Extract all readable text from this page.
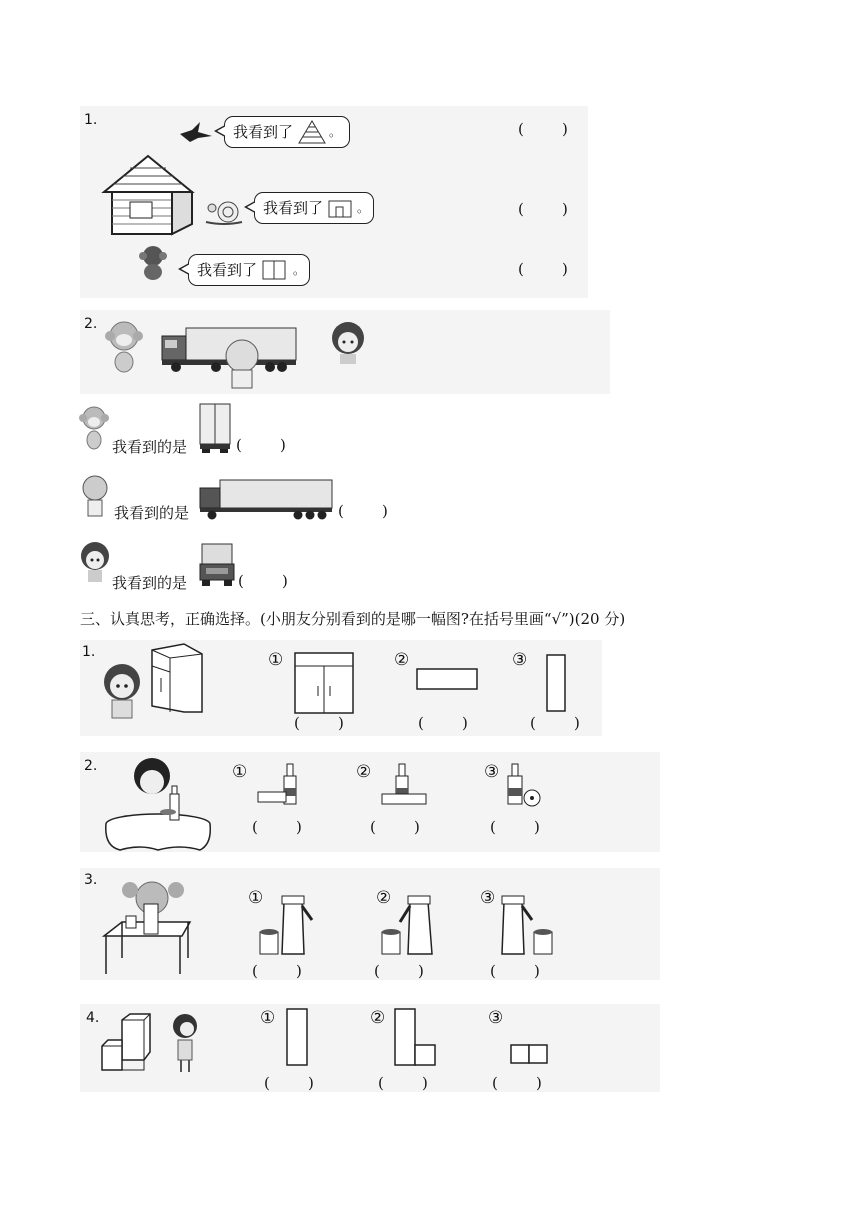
1.
我看到了	。	(        )
我看到了	。	(        )
我看到了	。	(        )
2.
我看到的是	(        )
我看到的是	(        )
我看到的是	(        )
三、认真思考，正确选择。(小朋友分别看到的是哪一幅图?在括号里画“√”)(20 分)
1.	①
(        )
②
(        )
③
(        )
2.	①
(        )
②
(        )
③
(        )
3.
①
(        )
②
(        )
③
(        )
4.	①
(        )
②
(        )
③
(        )
